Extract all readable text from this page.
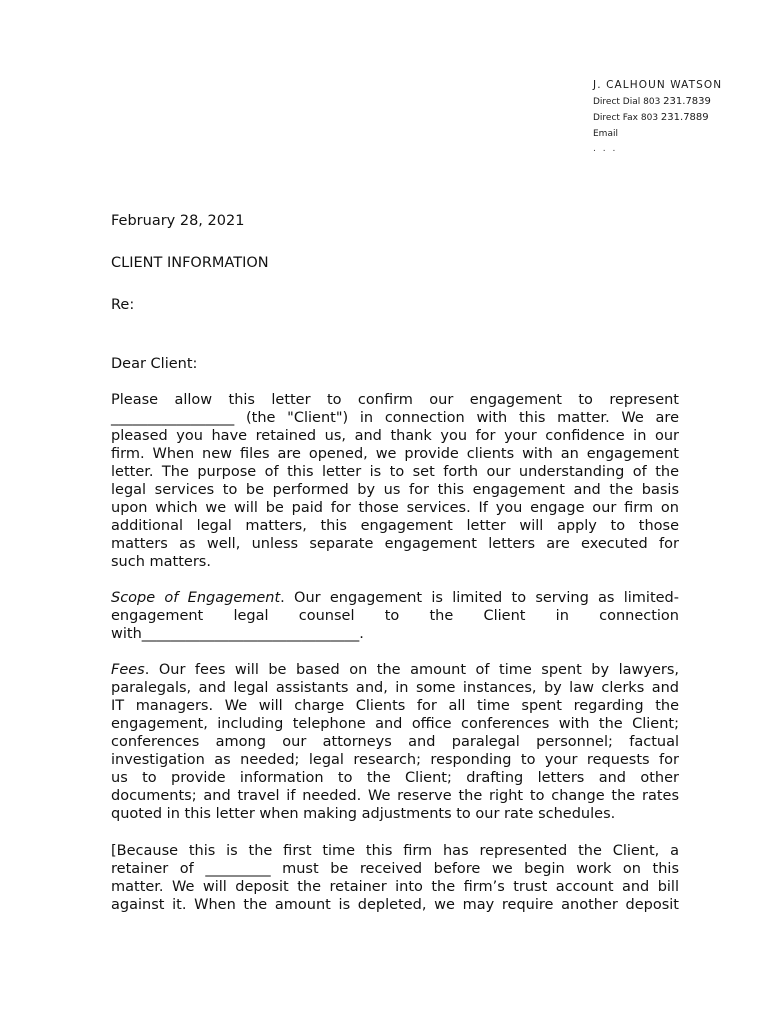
J. CALHOUN WATSON
Direct Dial 803 231.7839
Direct Fax 803 231.7889
Email
. . .
February 28, 2021
CLIENT INFORMATION
Re:
Dear Client:
Please allow this letter to confirm our engagement to represent
_________________ (the "Client") in connection with this matter. We are
pleased you have retained us, and thank you for your confidence in our
firm. When new files are opened, we provide clients with an engagement
letter. The purpose of this letter is to set forth our understanding of the
legal services to be performed by us for this engagement and the basis
upon which we will be paid for those services. If you engage our firm on
additional legal matters, this engagement letter will apply to those
matters as well, unless separate engagement letters are executed for
such matters.
Scope of Engagement. Our engagement is limited to serving as limited-
engagement legal counsel to the Client in connection
with______________________________.
Fees. Our fees will be based on the amount of time spent by lawyers,
paralegals, and legal assistants and, in some instances, by law clerks and
IT managers. We will charge Clients for all time spent regarding the
engagement, including telephone and office conferences with the Client;
conferences among our attorneys and paralegal personnel; factual
investigation as needed; legal research; responding to your requests for
us to provide information to the Client; drafting letters and other
documents; and travel if needed. We reserve the right to change the rates
quoted in this letter when making adjustments to our rate schedules.
[Because this is the first time this firm has represented the Client, a
retainer of _________ must be received before we begin work on this
matter. We will deposit the retainer into the firm’s trust account and bill
against it. When the amount is depleted, we may require another deposit
